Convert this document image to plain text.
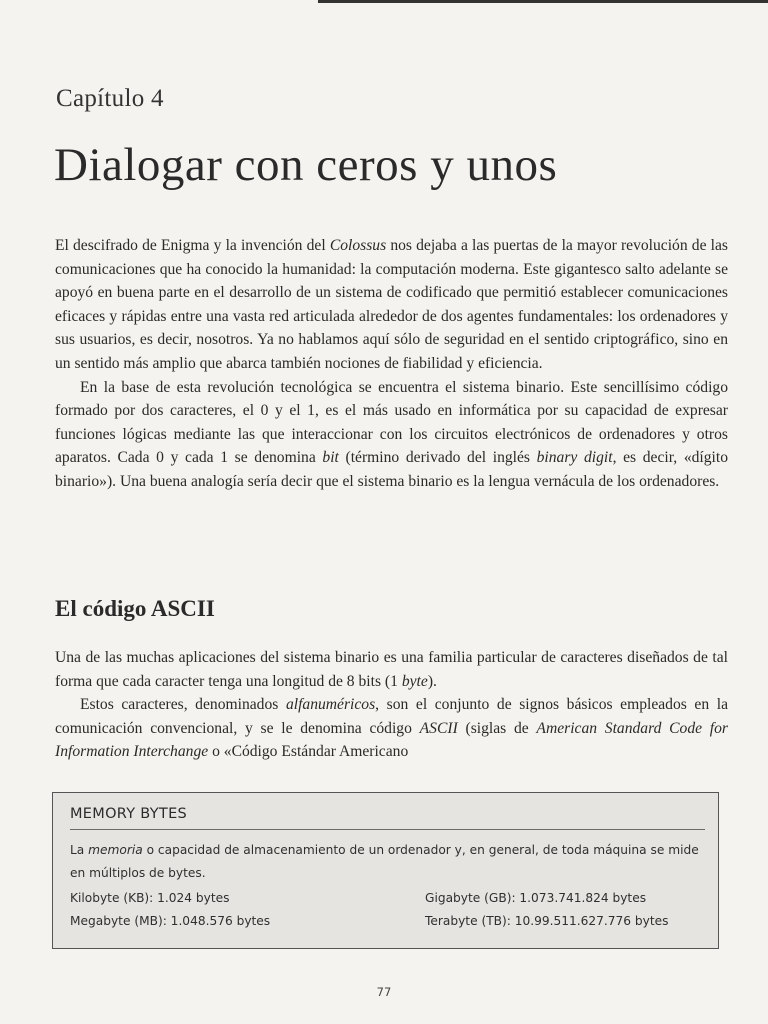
Capítulo 4
Dialogar con ceros y unos

El descifrado de Enigma y la invención del Colossus nos dejaba a las puertas de la mayor revolución de las comunicaciones que ha conocido la humanidad: la computación moderna. Este gigantesco salto adelante se apoyó en buena parte en el desarrollo de un sistema de codificado que permitió establecer comunicaciones eficaces y rápidas entre una vasta red articulada alrededor de dos agentes fundamentales: los ordenadores y sus usuarios, es decir, nosotros. Ya no hablamos aquí sólo de seguridad en el sentido criptográfico, sino en un sentido más amplio que abarca también nociones de fiabilidad y eficiencia.

En la base de esta revolución tecnológica se encuentra el sistema binario. Este sencillísimo código formado por dos caracteres, el 0 y el 1, es el más usado en informática por su capacidad de expresar funciones lógicas mediante las que interaccionar con los circuitos electrónicos de ordenadores y otros aparatos. Cada 0 y cada 1 se denomina bit (término derivado del inglés binary digit, es decir, «dígito binario»). Una buena analogía sería decir que el sistema binario es la lengua vernácula de los ordenadores.

El código ASCII

Una de las muchas aplicaciones del sistema binario es una familia particular de caracteres diseñados de tal forma que cada caracter tenga una longitud de 8 bits (1 byte).

Estos caracteres, denominados alfanuméricos, son el conjunto de signos básicos empleados en la comunicación convencional, y se le denomina código ASCII (siglas de American Standard Code for Information Interchange o «Código Estándar Americano

MEMORY BYTES
La memoria o capacidad de almacenamiento de un ordenador y, en general, de toda máquina se mide en múltiplos de bytes.
Kilobyte (KB): 1.024 bytes	Gigabyte (GB): 1.073.741.824 bytes
Megabyte (MB): 1.048.576 bytes	Terabyte (TB): 10.99.511.627.776 bytes
77
